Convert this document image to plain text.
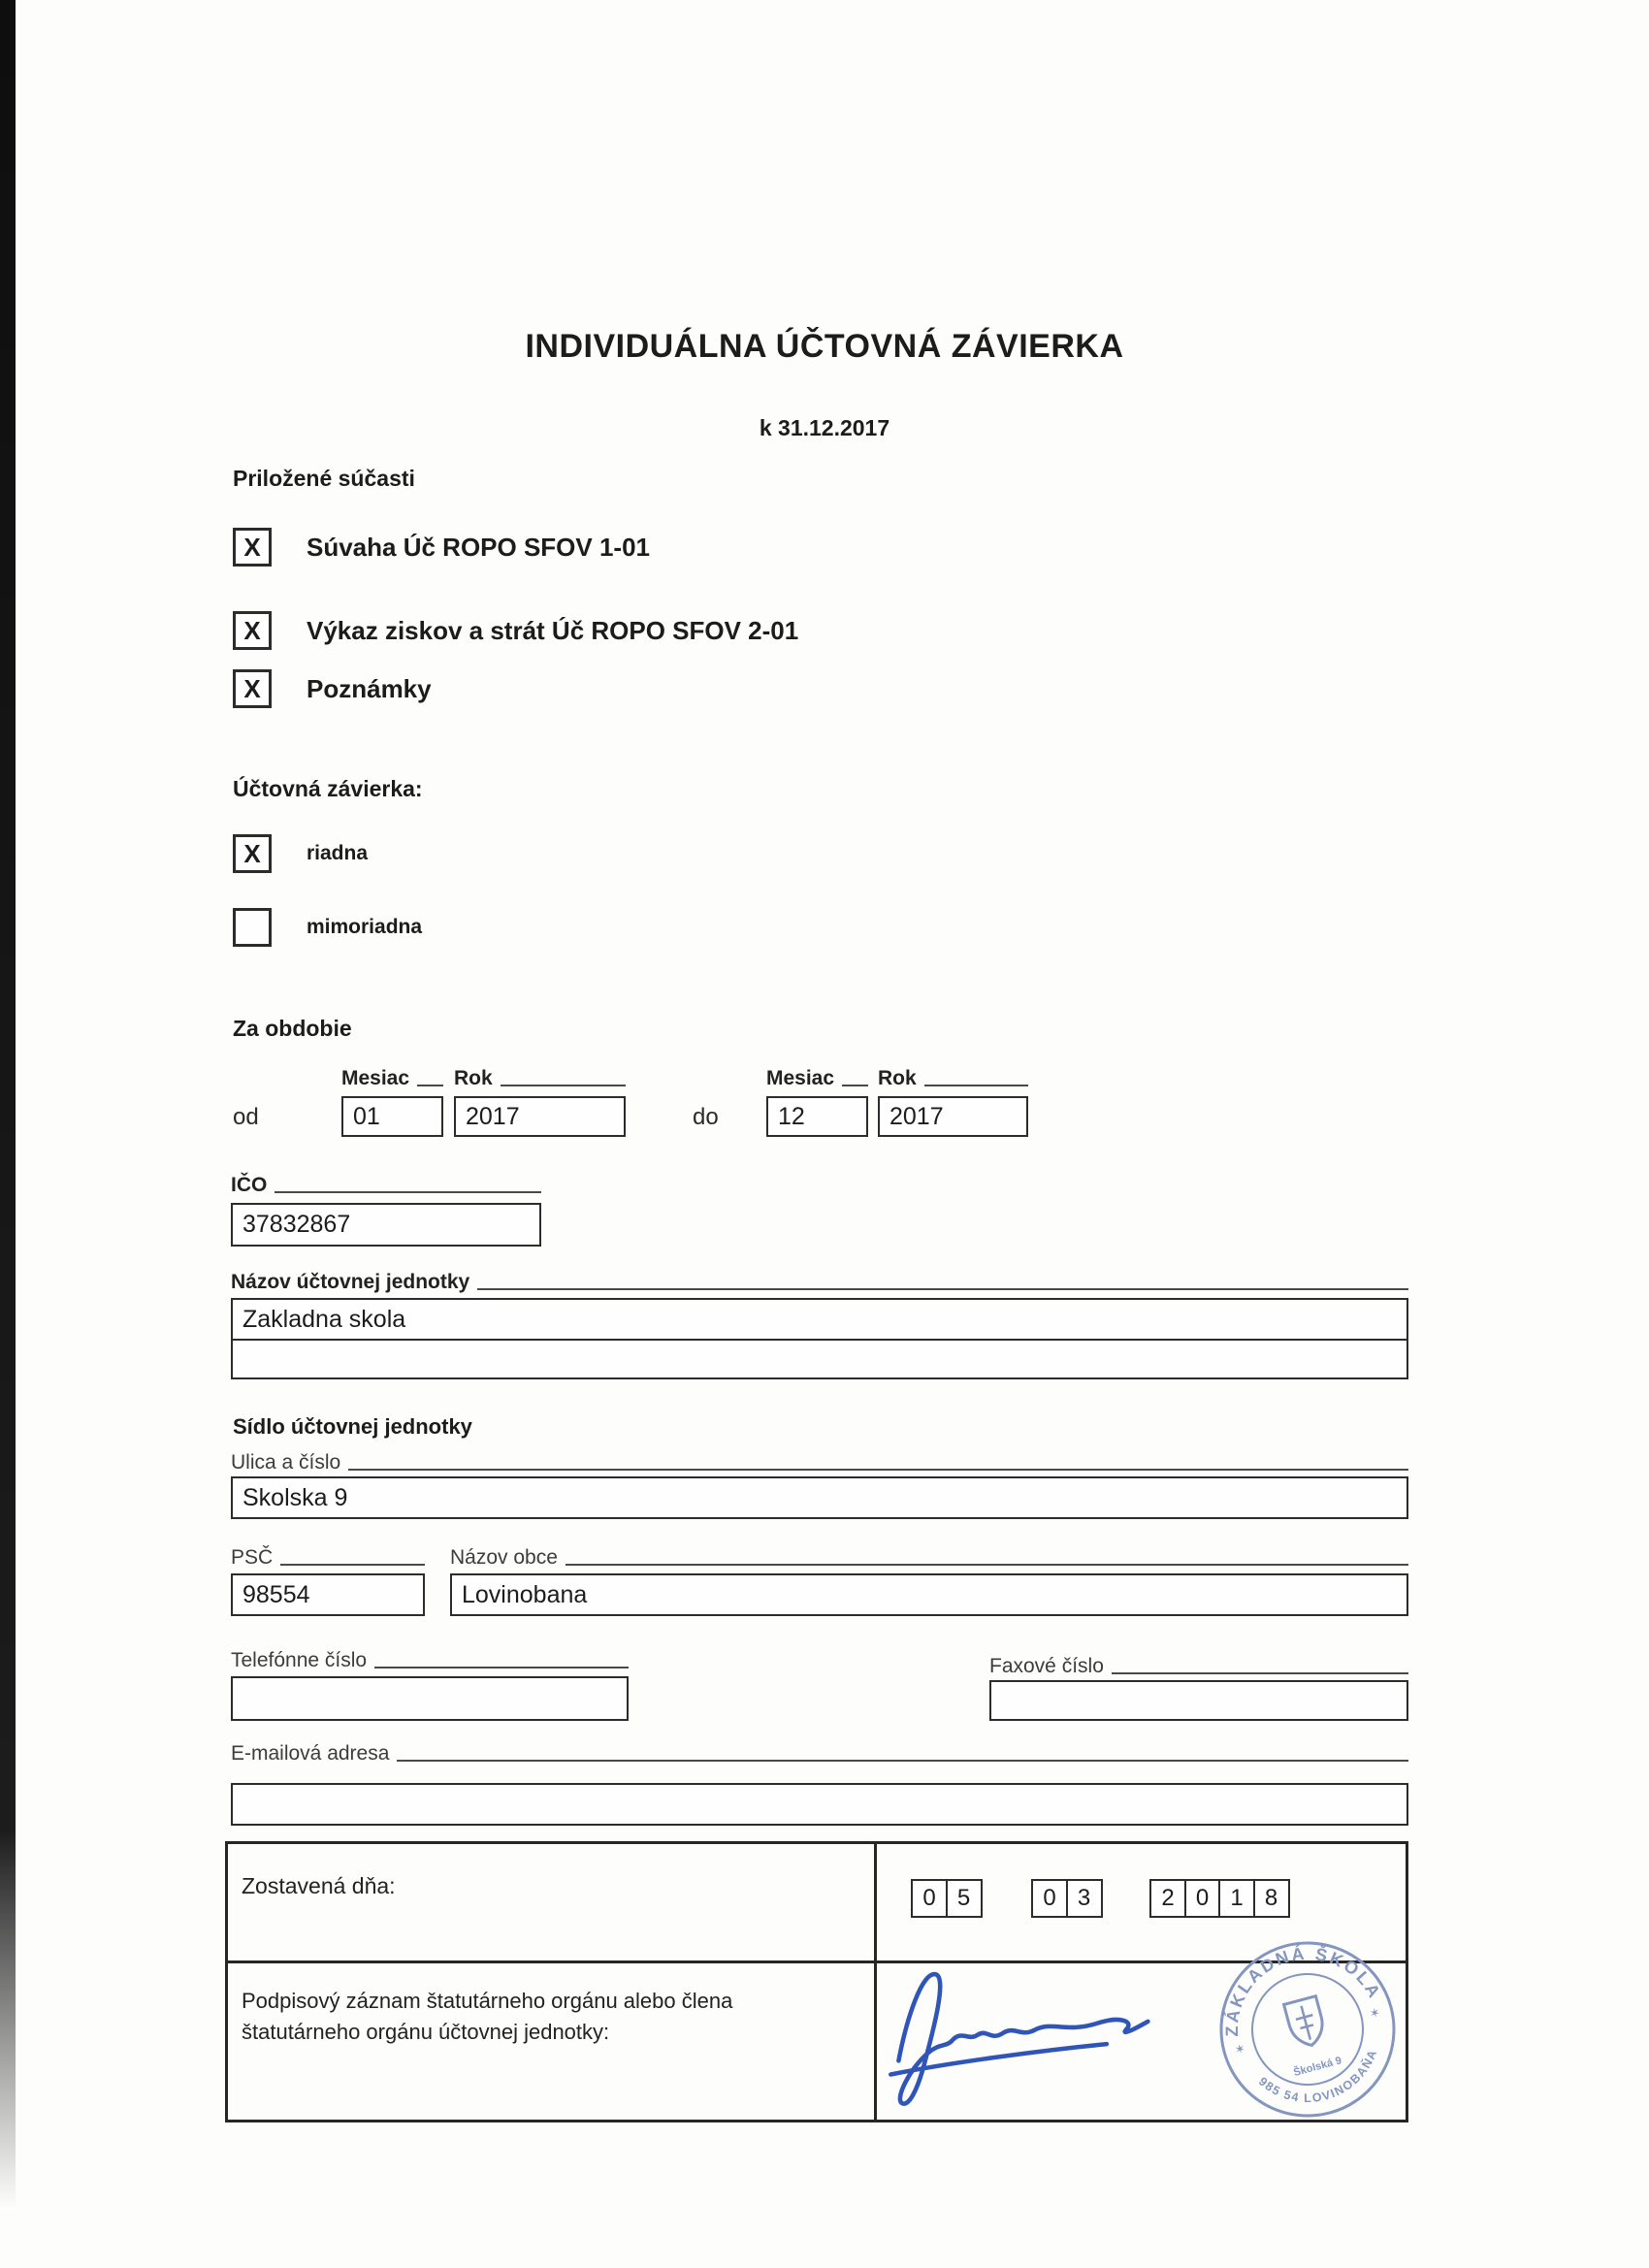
INDIVIDUÁLNA ÚČTOVNÁ ZÁVIERKA
k 31.12.2017
Priložené súčasti
X Súvaha Úč ROPO SFOV 1-01
X Výkaz ziskov a strát Úč ROPO SFOV 2-01
X Poznámky
Účtovná závierka:
X riadna
mimoriadna
Za obdobie
Mesiac Rok	Mesiac Rok
od	01	2017	do 12	2017
IČO
37832867
Názov účtovnej jednotky
Zakladna skola
Sídlo účtovnej jednotky
Ulica a číslo
Skolska 9
PSČ	Názov obce
98554	Lovinobana
Telefónne číslo	Faxové číslo
E-mailová adresa
Zostavená dňa:	0 5	0 3	2 0 1 8
Podpisový záznam štatutárneho orgánu alebo člena štatutárneho orgánu účtovnej jednotky:	ZÁKLADNÁ ŠKOLA
985 54 LOVINOBAŇA
✶
✶
Školská 9
